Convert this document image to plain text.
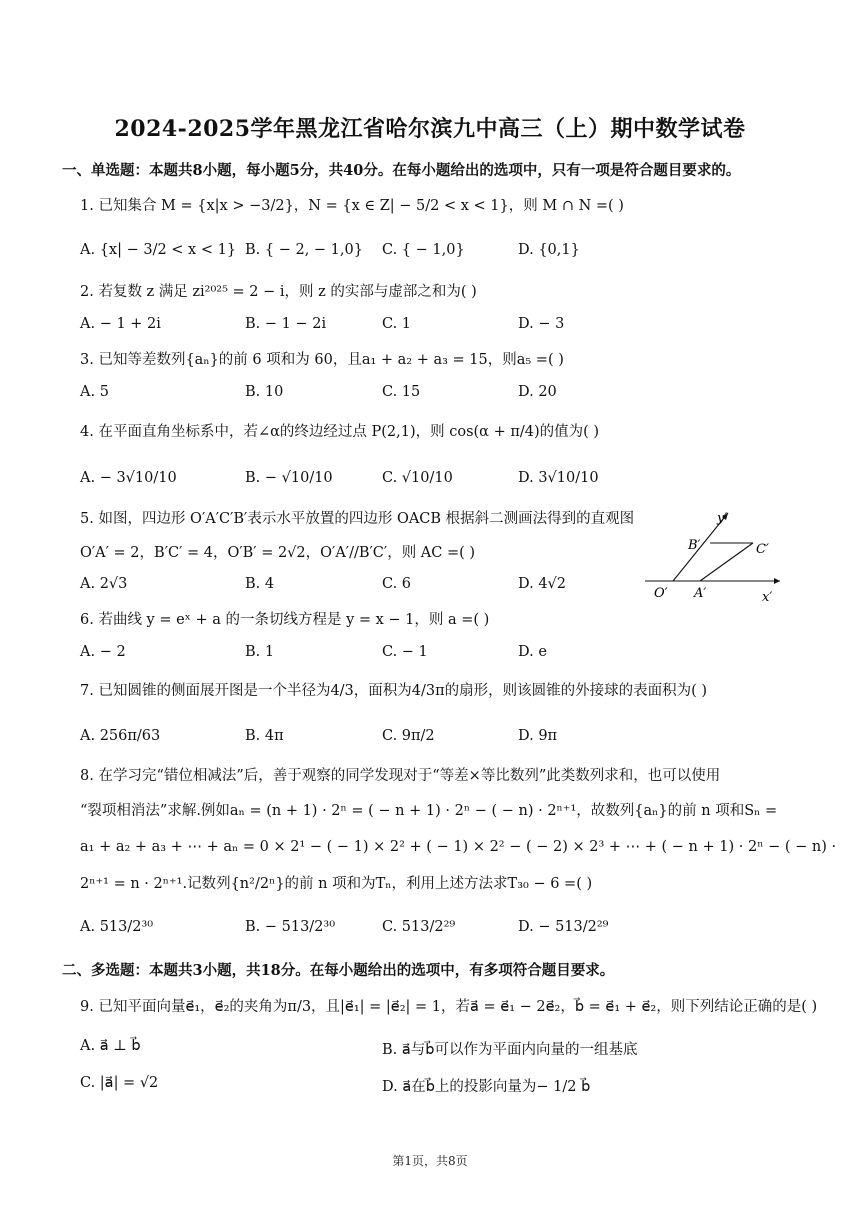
2024-2025学年黑龙江省哈尔滨九中高三（上）期中数学试卷
一、单选题：本题共8小题，每小题5分，共40分。在每小题给出的选项中，只有一项是符合题目要求的。
1. 已知集合 M = {x|x > −3/2}，N = {x ∈ Z| − 5/2 < x < 1}，则 M ∩ N =( )
A. {x| − 3/2 < x < 1} B. { − 2, − 1,0} C. { − 1,0}	D. {0,1}
2. 若复数 z 满足 zi²⁰²⁵ = 2 − i，则 z 的实部与虚部之和为( )
A. − 1 + 2i	B. − 1 − 2i	C. 1	D. − 3
3. 已知等差数列{aₙ}的前 6 项和为 60，且a₁ + a₂ + a₃ = 15，则a₅ =( )
A. 5	B. 10	C. 15	D. 20
4. 在平面直角坐标系中，若∠α的终边经过点 P(2,1)，则 cos(α + π/4)的值为( )
A. − 3√10/10	B. − √10/10	C. √10/10	D. 3√10/10
5. 如图，四边形 O′A′C′B′表示水平放置的四边形 OACB 根据斜二测画法得到的直观图
O′A′ = 2，B′C′ = 4，O′B′ = 2√2，O′A′//B′C′，则 AC =( )
A. 2√3	B. 4	C. 6	D. 4√2
y′
x′
O′ A′
B′	C′
6. 若曲线 y = eˣ + a 的一条切线方程是 y = x − 1，则 a =( )
A. − 2	B. 1	C. − 1	D. e
7. 已知圆锥的侧面展开图是一个半径为4/3，面积为4/3π的扇形，则该圆锥的外接球的表面积为( )
A. 256π/63	B. 4π	C. 9π/2	D. 9π
8. 在学习完“错位相减法”后，善于观察的同学发现对于“等差×等比数列”此类数列求和，也可以使用
“裂项相消法”求解.例如aₙ = (n + 1) · 2ⁿ = ( − n + 1) · 2ⁿ − ( − n) · 2ⁿ⁺¹，故数列{aₙ}的前 n 项和Sₙ =
a₁ + a₂ + a₃ + ⋯ + aₙ = 0 × 2¹ − ( − 1) × 2² + ( − 1) × 2² − ( − 2) × 2³ + ⋯ + ( − n + 1) · 2ⁿ − ( − n) ·
2ⁿ⁺¹ = n · 2ⁿ⁺¹.记数列{n²/2ⁿ}的前 n 项和为Tₙ，利用上述方法求T₃₀ − 6 =( )
A. 513/2³⁰	B. − 513/2³⁰	C. 513/2²⁹	D. − 513/2²⁹
二、多选题：本题共3小题，共18分。在每小题给出的选项中，有多项符合题目要求。
9. 已知平面向量e⃗₁，e⃗₂的夹角为π/3，且|e⃗₁| = |e⃗₂| = 1，若a⃗ = e⃗₁ − 2e⃗₂，b⃗ = e⃗₁ + e⃗₂，则下列结论正确的是( )
A. a⃗ ⊥ b⃗	B. a⃗与b⃗可以作为平面内向量的一组基底
C. |a⃗| = √2	D. a⃗在b⃗上的投影向量为− 1/2 b⃗
第1页，共8页
